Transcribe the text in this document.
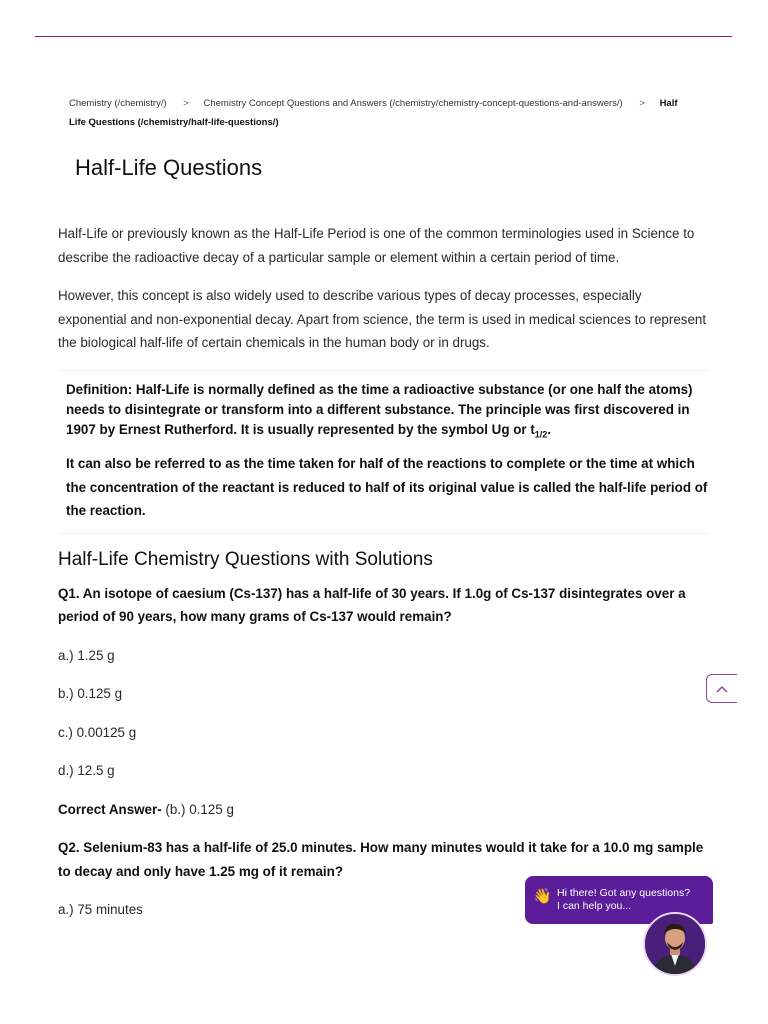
Chemistry (/chemistry/) > Chemistry Concept Questions and Answers (/chemistry/chemistry-concept-questions-and-answers/) > Half Life Questions (/chemistry/half-life-questions/)
Half-Life Questions

Half-Life or previously known as the Half-Life Period is one of the common terminologies used in Science to describe the radioactive decay of a particular sample or element within a certain period of time.

However, this concept is also widely used to describe various types of decay processes, especially exponential and non-exponential decay. Apart from science, the term is used in medical sciences to represent the biological half-life of certain chemicals in the human body or in drugs.

Definition: Half-Life is normally defined as the time a radioactive substance (or one half the atoms) needs to disintegrate or transform into a different substance. The principle was first discovered in 1907 by Ernest Rutherford. It is usually represented by the symbol Ug or $t_{1/2}$.

It can also be referred to as the time taken for half of the reactions to complete or the time at which the concentration of the reactant is reduced to half of its original value is called the half-life period of the reaction.

Half-Life Chemistry Questions with Solutions

Q1. An isotope of caesium (Cs-137) has a half-life of 30 years. If 1.0g of Cs-137 disintegrates over a period of 90 years, how many grams of Cs-137 would remain?

a.) 1.25 g

b.) 0.125 g

c.) 0.00125 g

d.) 12.5 g

Correct Answer- (b.) 0.125 g

Q2. Selenium-83 has a half-life of 25.0 minutes. How many minutes would it take for a 10.0 mg sample to decay and only have 1.25 mg of it remain?

a.) 75 minutes

👋 Hi there! Got any questions?
I can help you...
